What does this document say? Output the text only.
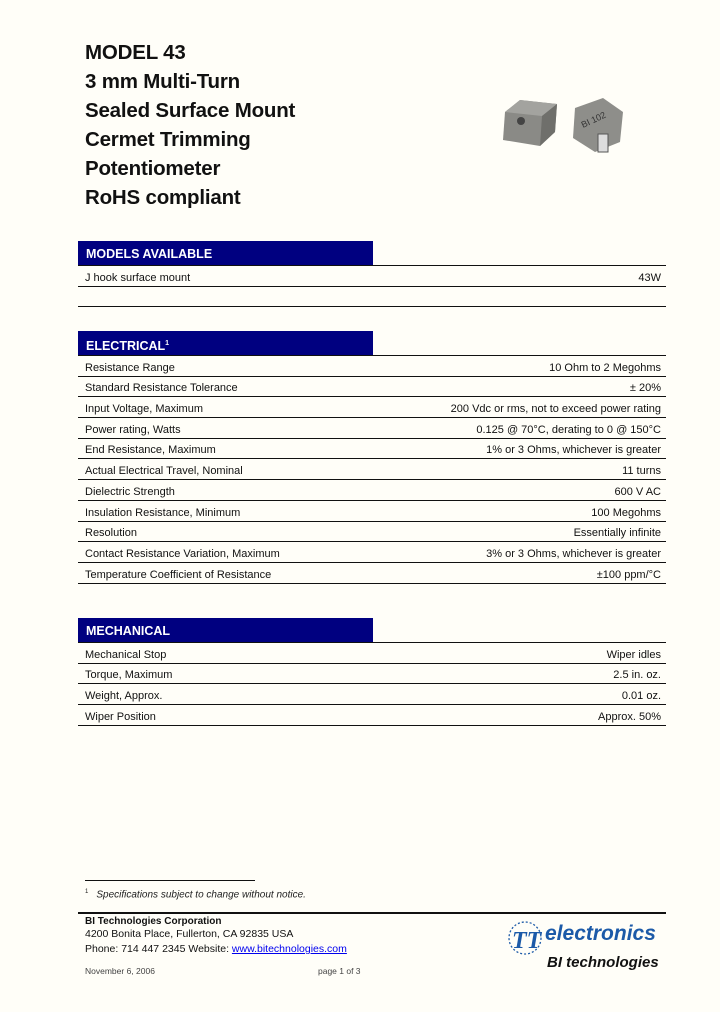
MODEL 43
3 mm Multi-Turn
Sealed Surface Mount
Cermet Trimming
Potentiometer
RoHS compliant
BI 102
MODELS AVAILABLE
J hook surface mount	43W
ELECTRICAL$^1$
Resistance Range	10 Ohm to 2 Megohms
Standard Resistance Tolerance	± 20%
Input Voltage, Maximum	200 Vdc or rms, not to exceed power rating
Power rating, Watts	0.125 @ 70°C, derating to 0 @ 150°C
End Resistance, Maximum	1% or 3 Ohms, whichever is greater
Actual Electrical Travel, Nominal	11 turns
Dielectric Strength	600 V AC
Insulation Resistance, Minimum	100 Megohms
Resolution	Essentially infinite
Contact Resistance Variation, Maximum	3% or 3 Ohms, whichever is greater
Temperature Coefficient of Resistance	±100 ppm/°C
MECHANICAL
Mechanical Stop	Wiper idles
Torque, Maximum	2.5 in. oz.
Weight, Approx.	0.01 oz.
Wiper Position	Approx. 50%
$^1$ Specifications subject to change without notice.
BI Technologies Corporation
4200 Bonita Place, Fullerton, CA 92835 USA
Phone: 714 447 2345 Website: www.bitechnologies.com
November 6, 2006	page 1 of 3
TT electronics
BI technologies
